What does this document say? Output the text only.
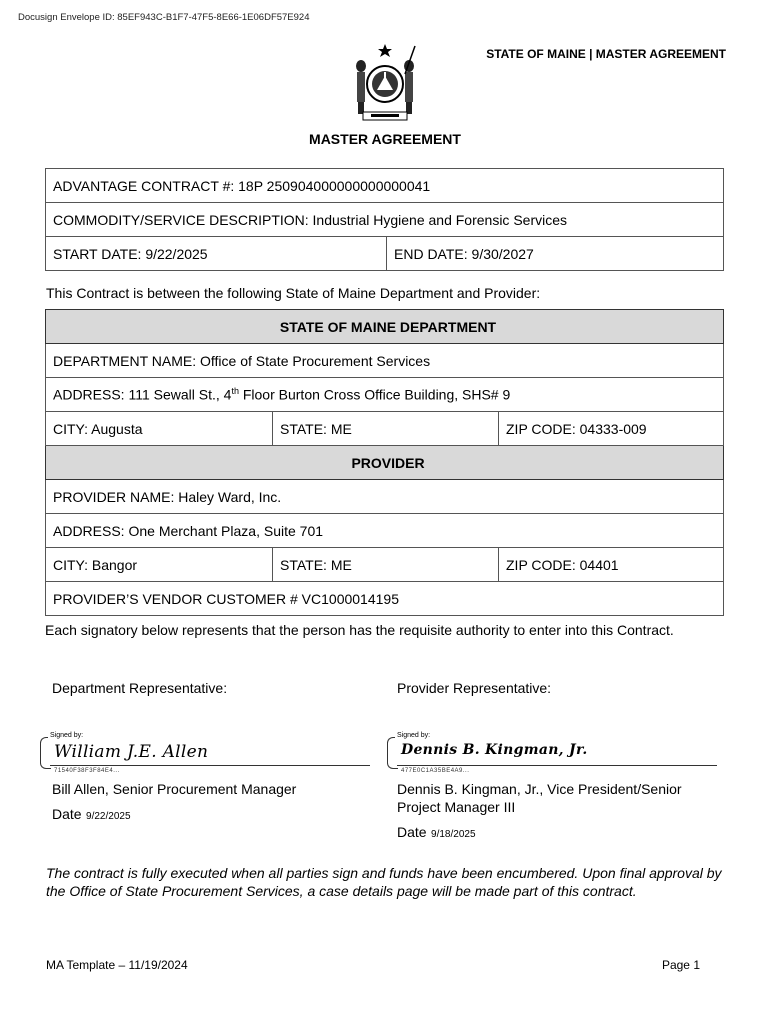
Docusign Envelope ID: 85EF943C-B1F7-47F5-8E66-1E06DF57E924
STATE OF MAINE | MASTER AGREEMENT
MASTER AGREEMENT
ADVANTAGE CONTRACT #: 18P 250904000000000000041
COMMODITY/SERVICE DESCRIPTION: Industrial Hygiene and Forensic Services
START DATE: 9/22/2025	END DATE: 9/30/2027
This Contract is between the following State of Maine Department and Provider:
STATE OF MAINE DEPARTMENT		
DEPARTMENT NAME: Office of State Procurement Services		
ADDRESS: 111 Sewall St., 4th Floor Burton Cross Office Building, SHS# 9		
CITY: Augusta	STATE: ME	ZIP CODE: 04333-009
PROVIDER		
PROVIDER NAME: Haley Ward, Inc.		
ADDRESS: One Merchant Plaza, Suite 701		
CITY: Bangor	STATE: ME	ZIP CODE: 04401
PROVIDER’S VENDOR CUSTOMER # VC1000014195		
Each signatory below represents that the person has the requisite authority to enter into this Contract.
Department Representative:
Signed by:
William J.E. Allen
71540F38F3F84E4...
Bill Allen, Senior Procurement Manager
Date 9/22/2025
Provider Representative:
Signed by:
Dennis B. Kingman, Jr.
477E0C1A35BE4A9...
Dennis B. Kingman, Jr., Vice President/Senior Project Manager III
Date 9/18/2025
The contract is fully executed when all parties sign and funds have been encumbered. Upon final approval by the Office of State Procurement Services, a case details page will be made part of this contract.
MA Template – 11/19/2024	Page 1
